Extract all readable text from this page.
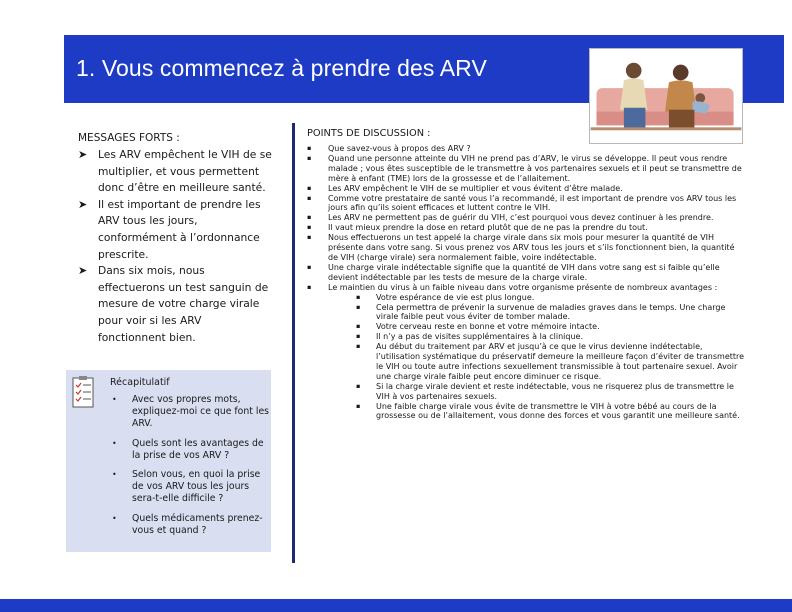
1. Vous commencez à prendre des ARV
MESSAGES FORTS :
➤ Les ARV empêchent le VIH de se multiplier, et vous permettent donc d’être en meilleure santé.
➤ Il est important de prendre les ARV tous les jours, conformément à l’ordonnance prescrite.
➤ Dans six mois, nous effectuerons un test sanguin de mesure de votre charge virale pour voir si les ARV fonctionnent bien.
Récapitulatif
• Avec vos propres mots, expliquez-moi ce que font les ARV.
• Quels sont les avantages de la prise de vos ARV ?
• Selon vous, en quoi la prise de vos ARV tous les jours sera-t-elle difficile ?
• Quels médicaments prenez-vous et quand ?
POINTS DE DISCUSSION :
▪ Que savez-vous à propos des ARV ?
▪ Quand une personne atteinte du VIH ne prend pas d’ARV, le virus se développe. Il peut vous rendre malade ; vous êtes susceptible de le transmettre à vos partenaires sexuels et il peut se transmettre de mère à enfant (TME) lors de la grossesse et de l’allaitement.
▪ Les ARV empêchent le VIH de se multiplier et vous évitent d’être malade.
▪ Comme votre prestataire de santé vous l’a recommandé, il est important de prendre vos ARV tous les jours afin qu’ils soient efficaces et luttent contre le VIH.
▪ Les ARV ne permettent pas de guérir du VIH, c’est pourquoi vous devez continuer à les prendre.
▪ Il vaut mieux prendre la dose en retard plutôt que de ne pas la prendre du tout.
▪ Nous effectuerons un test appelé la charge virale dans six mois pour mesurer la quantité de VIH présente dans votre sang. Si vous prenez vos ARV tous les jours et s’ils fonctionnent bien, la quantité de VIH (charge virale) sera normalement faible, voire indétectable.
▪ Une charge virale indétectable signifie que la quantité de VIH dans votre sang est si faible qu’elle devient indétectable par les tests de mesure de la charge virale.
▪ Le maintien du virus à un faible niveau dans votre organisme présente de nombreux avantages :
▪ Votre espérance de vie est plus longue.
▪ Cela permettra de prévenir la survenue de maladies graves dans le temps. Une charge virale faible peut vous éviter de tomber malade.
▪ Votre cerveau reste en bonne et votre mémoire intacte.
▪ Il n’y a pas de visites supplémentaires à la clinique.
▪ Au début du traitement par ARV et jusqu’à ce que le virus devienne indétectable, l’utilisation systématique du préservatif demeure la meilleure façon d’éviter de transmettre le VIH ou toute autre infections sexuellement transmissible à tout partenaire sexuel. Avoir une charge virale faible peut encore diminuer ce risque.
▪ Si la charge virale devient et reste indétectable, vous ne risquerez plus de transmettre le VIH à vos partenaires sexuels.
▪ Une faible charge virale vous évite de transmettre le VIH à votre bébé au cours de la grossesse ou de l’allaitement, vous donne des forces et vous garantit une meilleure santé.
